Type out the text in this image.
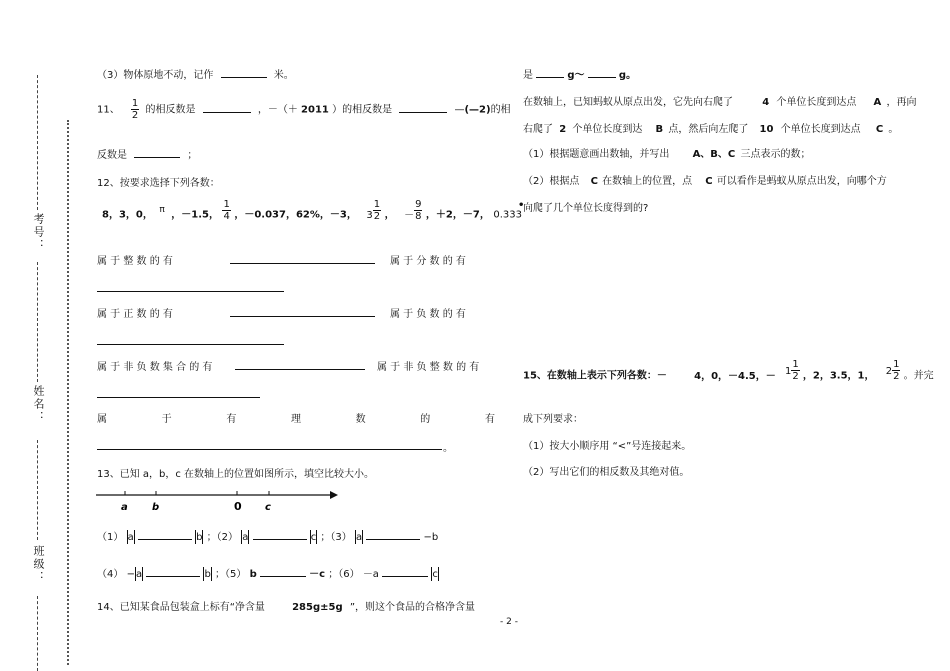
考号：
姓名：
班级：
（3）物体原地不动，记作	米。
11、 $\frac{1}{2}$ 的相反数是	，－（＋ 2011 ）的相反数是	—(—2)的相
反数是	；
12、按要求选择下列各数：
8，3，0， π ，－1.5， $\frac{1}{4}$ ，－0.037，62%，－3， $3 \frac{1}{2}$ ， － $\frac{9}{8}$ ，＋2，－7， 0.333•
属 于 整 数 的 有	属 于 分 数 的 有
属 于 正 数 的 有	属 于 负 数 的 有
属 于 非 负 数 集 合 的 有	属 于 非 负 整 数 的 有
属	于	有	理	数	的	有
。
13、已知 a，b，c 在数轴上的位置如图所示，填空比较大小。
a b	0 c
（1） a	b ；（2） a	c ；（3） a	−b
（4） −a	b ；（5） b	－c ；（6） －a	c
14、已知某食品包装盒上标有“净含量	285g±5g ”，则这个食品的合格净含量
是	g～	g。
在数轴上，已知蚂蚁从原点出发，它先向右爬了	4 个单位长度到达点 A ，再向
右爬了 2 个单位长度到达 B 点，然后向左爬了 10 个单位长度到达点 C 。
（1）根据题意画出数轴，并写出 A、B、C 三点表示的数；
（2）根据点 C 在数轴上的位置，点 C 可以看作是蚂蚁从原点出发，向哪个方
向爬了几个单位长度得到的?
15、在数轴上表示下列各数：－	4，0，－4.5，－ $1 \frac{1}{2}$ ，2，3.5，1， $2 \frac{1}{2}$ 。并完
成下列要求：
（1）按大小顺序用 “<”号连接起来。
（2）写出它们的相反数及其绝对值。
- 2 -
